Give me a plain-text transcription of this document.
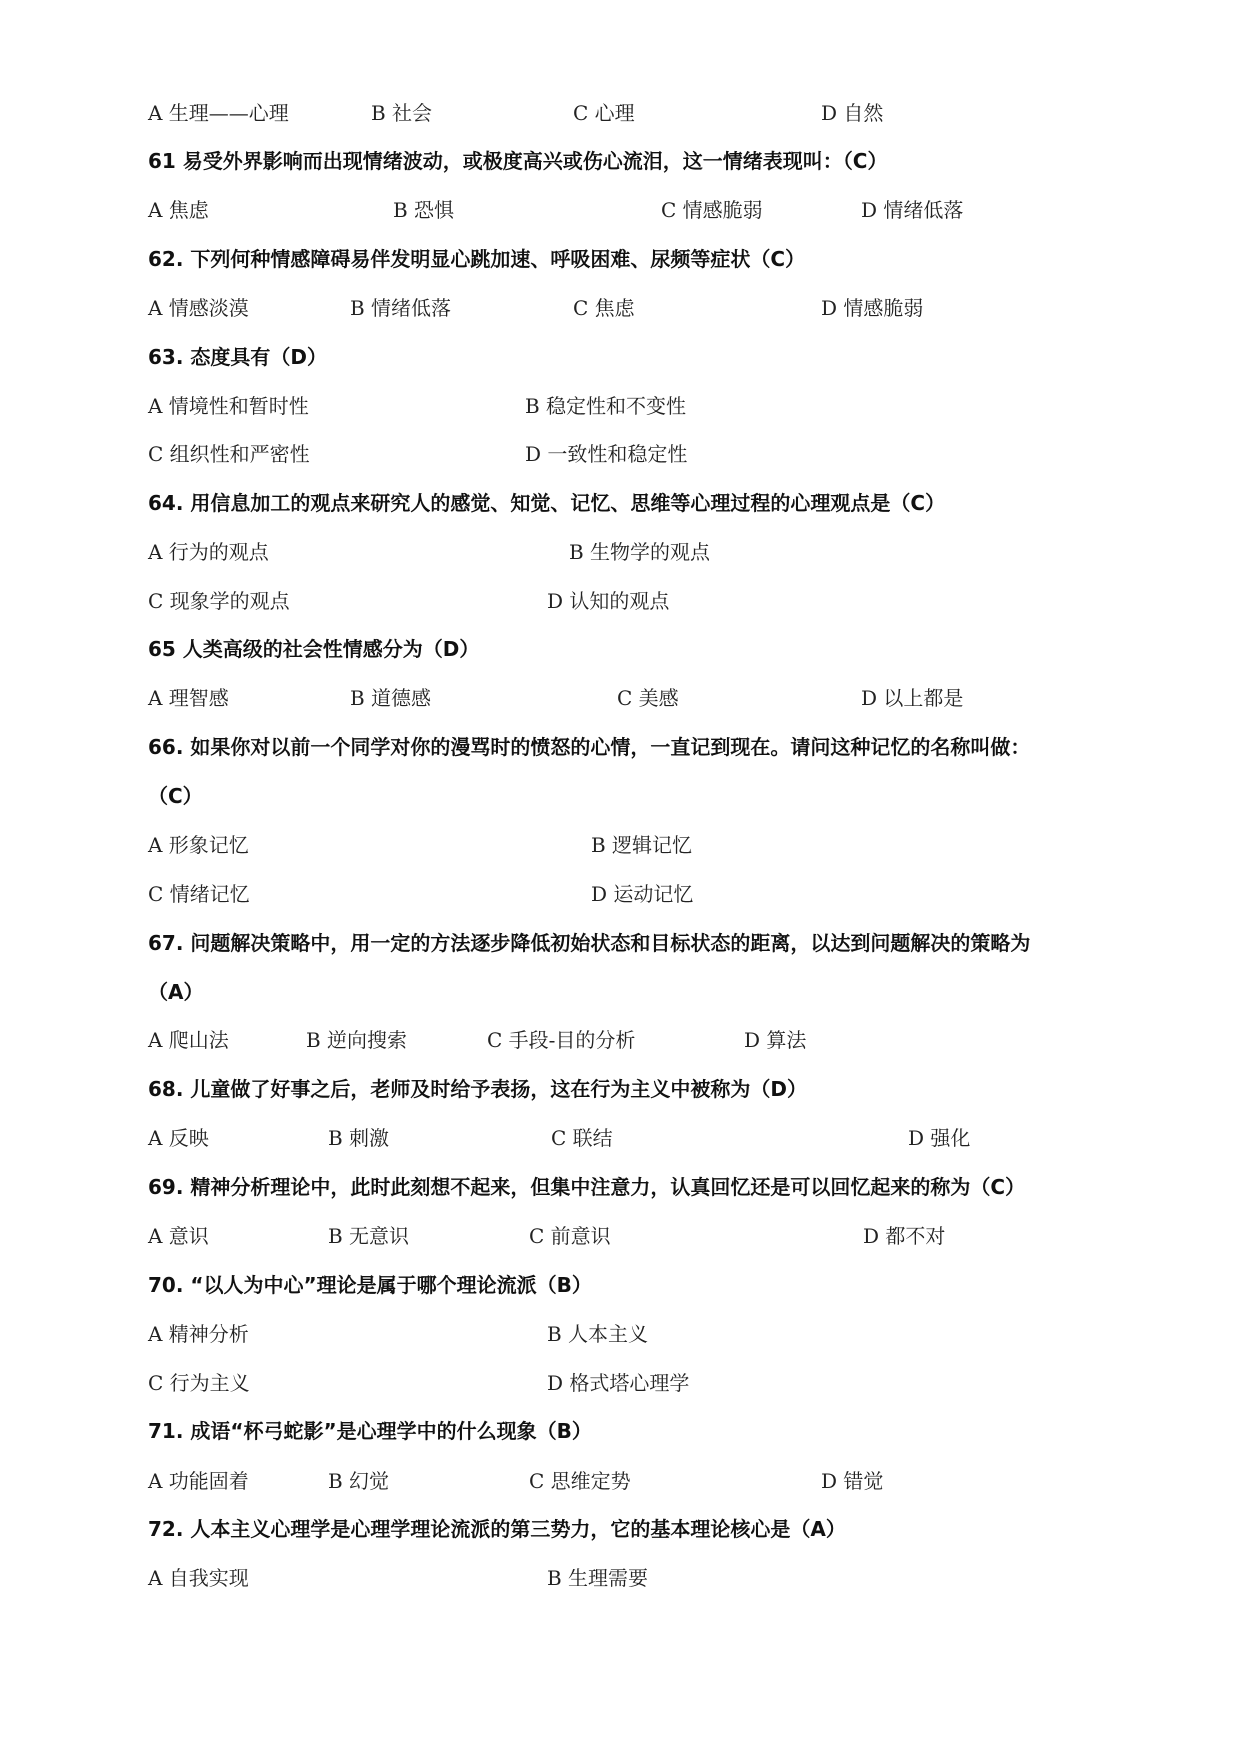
A 生理——心理	B 社会	C 心理	D 自然
61 易受外界影响而出现情绪波动，或极度高兴或伤心流泪，这一情绪表现叫：（C）
A 焦虑	B 恐惧	C 情感脆弱	D 情绪低落
62. 下列何种情感障碍易伴发明显心跳加速、呼吸困难、尿频等症状（C）
A 情感淡漠	B 情绪低落	C 焦虑	D 情感脆弱
63. 态度具有（D）
A 情境性和暂时性	B 稳定性和不变性
C 组织性和严密性	D 一致性和稳定性
64. 用信息加工的观点来研究人的感觉、知觉、记忆、思维等心理过程的心理观点是（C）
A 行为的观点	B 生物学的观点
C 现象学的观点	D 认知的观点
65 人类高级的社会性情感分为（D）
A 理智感	B 道德感	C 美感	D 以上都是
66. 如果你对以前一个同学对你的漫骂时的愤怒的心情，一直记到现在。请问这种记忆的名称叫做：
（C）
A 形象记忆	B 逻辑记忆
C 情绪记忆	D 运动记忆
67. 问题解决策略中，用一定的方法逐步降低初始状态和目标状态的距离，以达到问题解决的策略为
（A）
A 爬山法	B 逆向搜索	C 手段-目的分析	D 算法
68. 儿童做了好事之后，老师及时给予表扬，这在行为主义中被称为（D）
A 反映	B 刺激	C 联结	D 强化
69. 精神分析理论中，此时此刻想不起来，但集中注意力，认真回忆还是可以回忆起来的称为（C）
A 意识	B 无意识	C 前意识	D 都不对
70. “以人为中心”理论是属于哪个理论流派（B）
A 精神分析	B 人本主义
C 行为主义	D 格式塔心理学
71. 成语“杯弓蛇影”是心理学中的什么现象（B）
A 功能固着	B 幻觉	C 思维定势	D 错觉
72. 人本主义心理学是心理学理论流派的第三势力，它的基本理论核心是（A）
A 自我实现	B 生理需要
